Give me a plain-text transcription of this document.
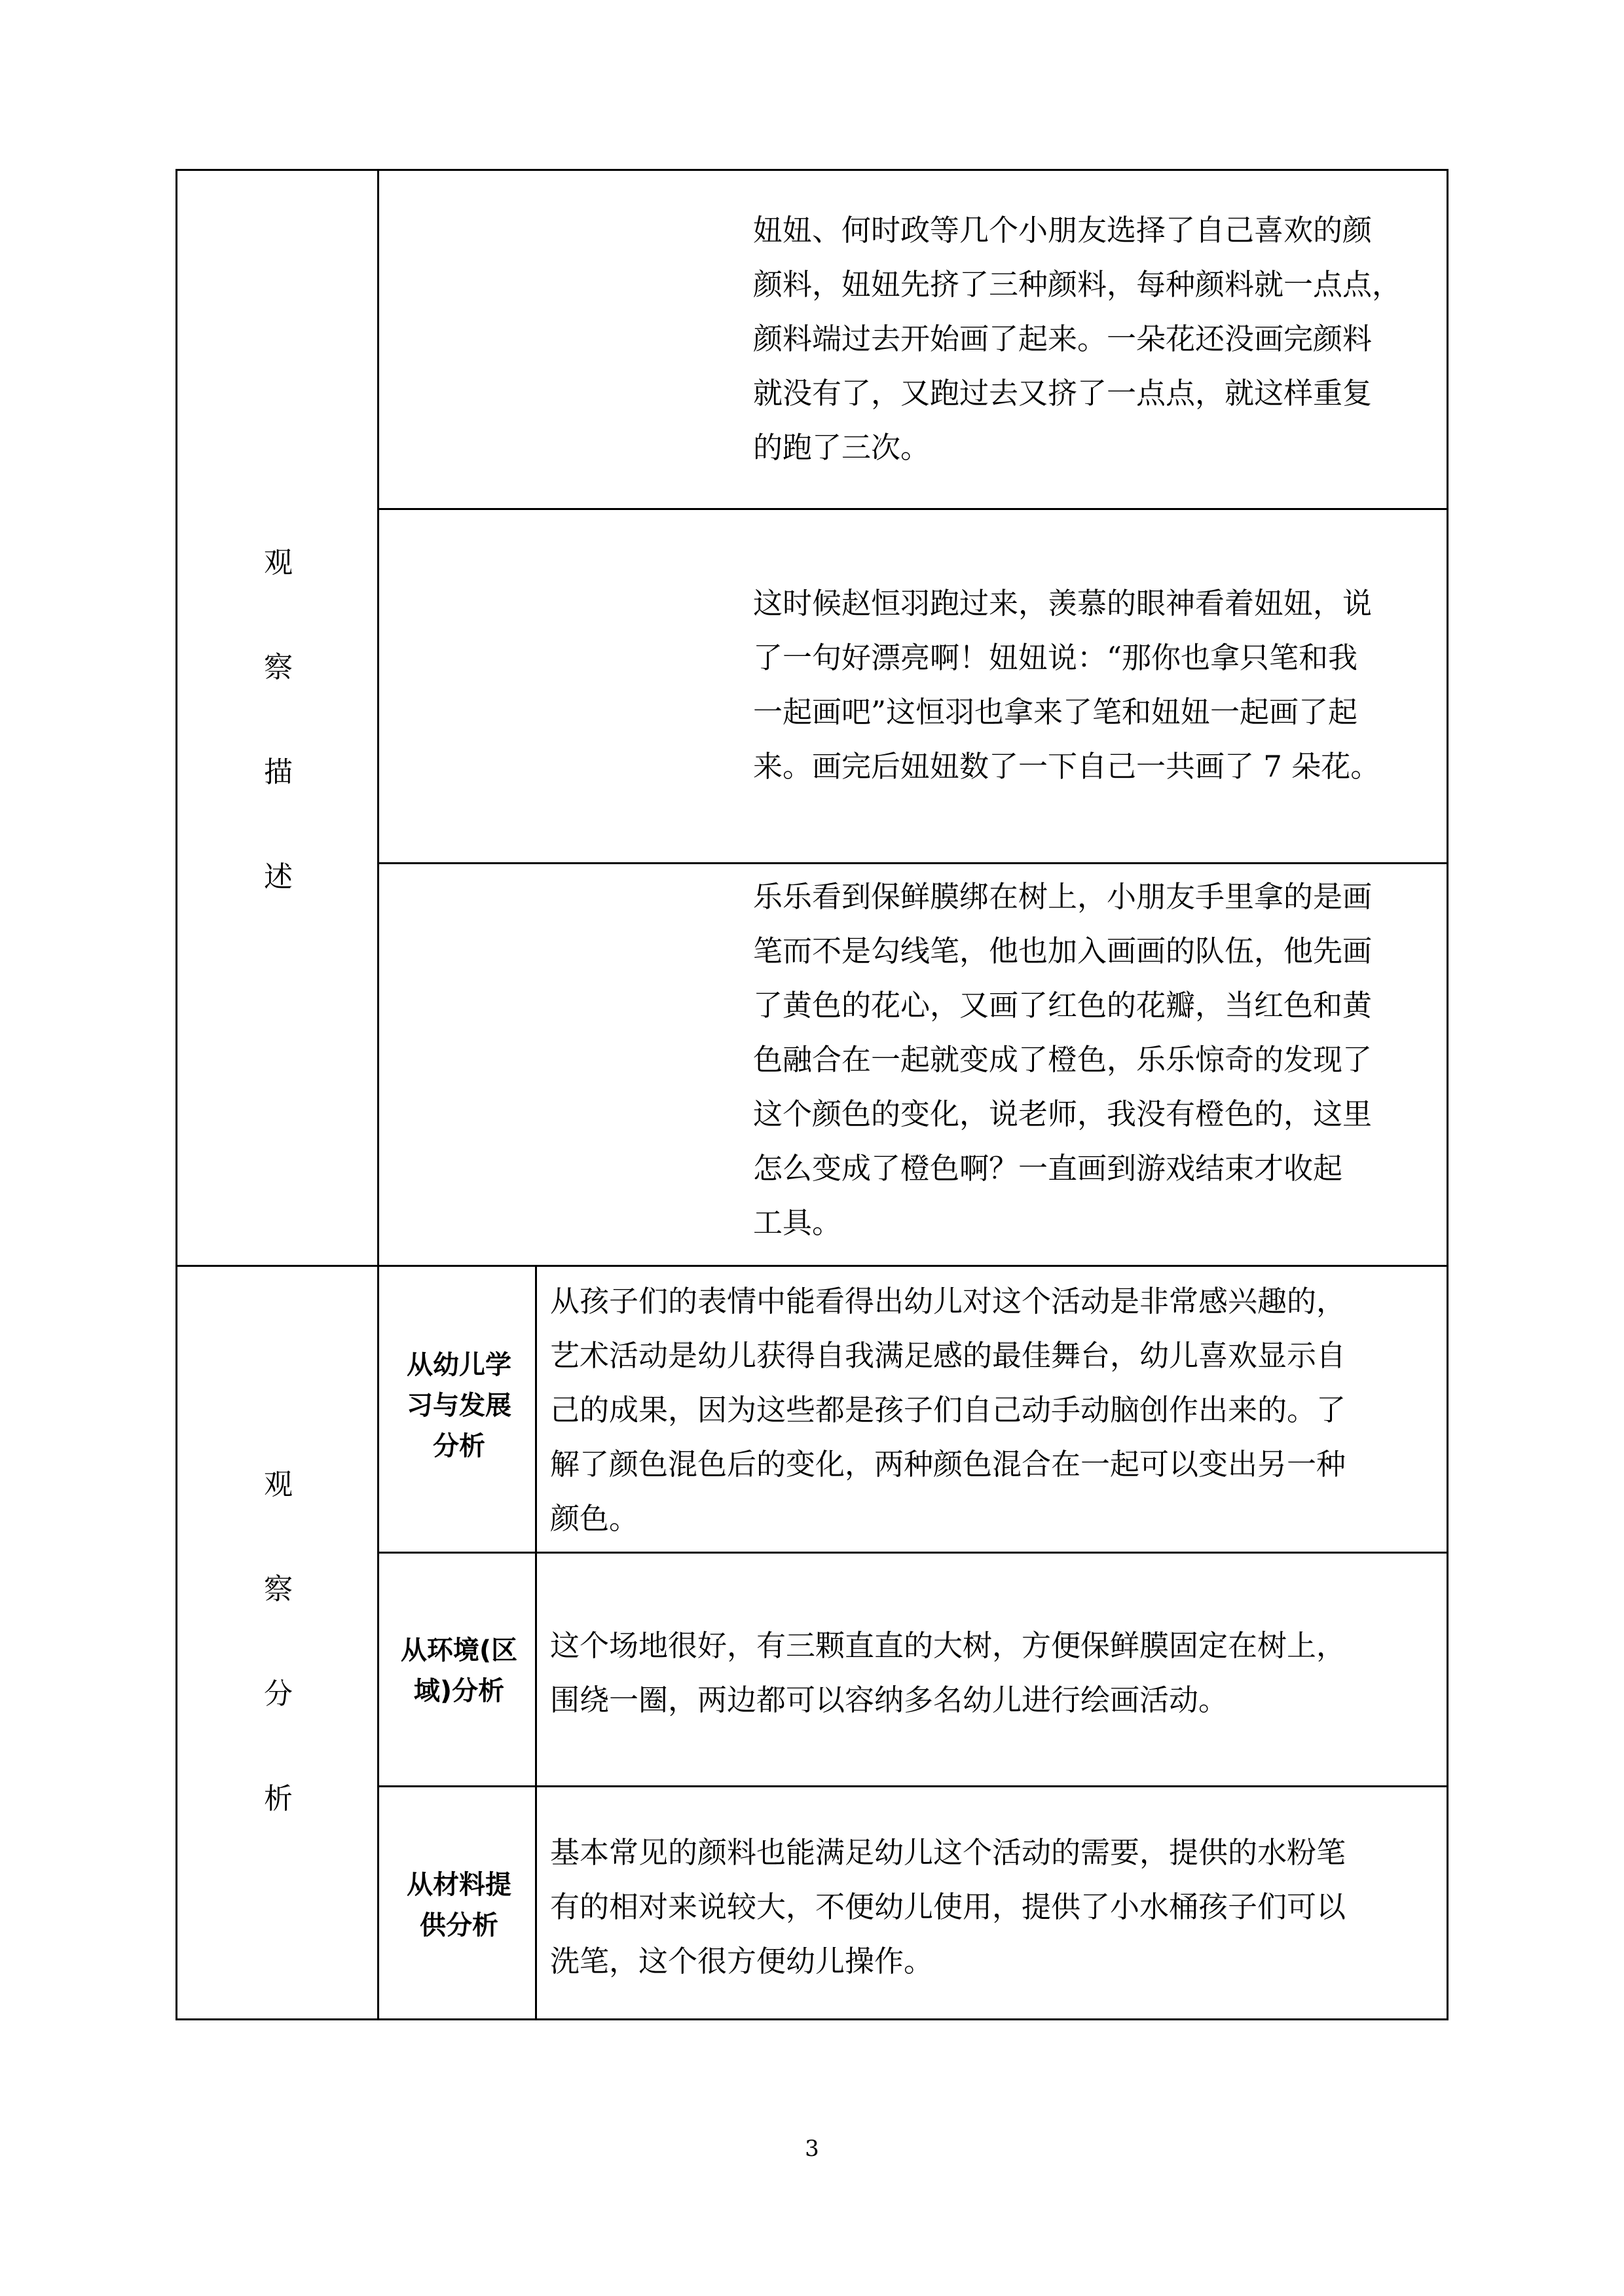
观
察
描
述

妞妞、何时政等几个小朋友选择了自己喜欢的颜

颜料，妞妞先挤了三种颜料，每种颜料就一点点，

颜料端过去开始画了起来。一朵花还没画完颜料

就没有了，又跑过去又挤了一点点，就这样重复

的跑了三次。

这时候赵恒羽跑过来，羡慕的眼神看着妞妞，说

了一句好漂亮啊！妞妞说：“那你也拿只笔和我

一起画吧”这恒羽也拿来了笔和妞妞一起画了起

来。画完后妞妞数了一下自己一共画了 7 朵花。

乐乐看到保鲜膜绑在树上，小朋友手里拿的是画

笔而不是勾线笔，他也加入画画的队伍，他先画

了黄色的花心，又画了红色的花瓣，当红色和黄

色融合在一起就变成了橙色，乐乐惊奇的发现了

这个颜色的变化，说老师，我没有橙色的，这里

怎么变成了橙色啊？一直画到游戏结束才收起

工具。

观
察
分
析
从幼儿学
习与发展
分析

从孩子们的表情中能看得出幼儿对这个活动是非常感兴趣的，

艺术活动是幼儿获得自我满足感的最佳舞台，幼儿喜欢显示自

己的成果，因为这些都是孩子们自己动手动脑创作出来的。了

解了颜色混色后的变化，两种颜色混合在一起可以变出另一种

颜色。

从环境(区
域)分析

这个场地很好，有三颗直直的大树，方便保鲜膜固定在树上，

围绕一圈，两边都可以容纳多名幼儿进行绘画活动。

从材料提
供分析

基本常见的颜料也能满足幼儿这个活动的需要，提供的水粉笔

有的相对来说较大，不便幼儿使用，提供了小水桶孩子们可以

洗笔，这个很方便幼儿操作。

3
